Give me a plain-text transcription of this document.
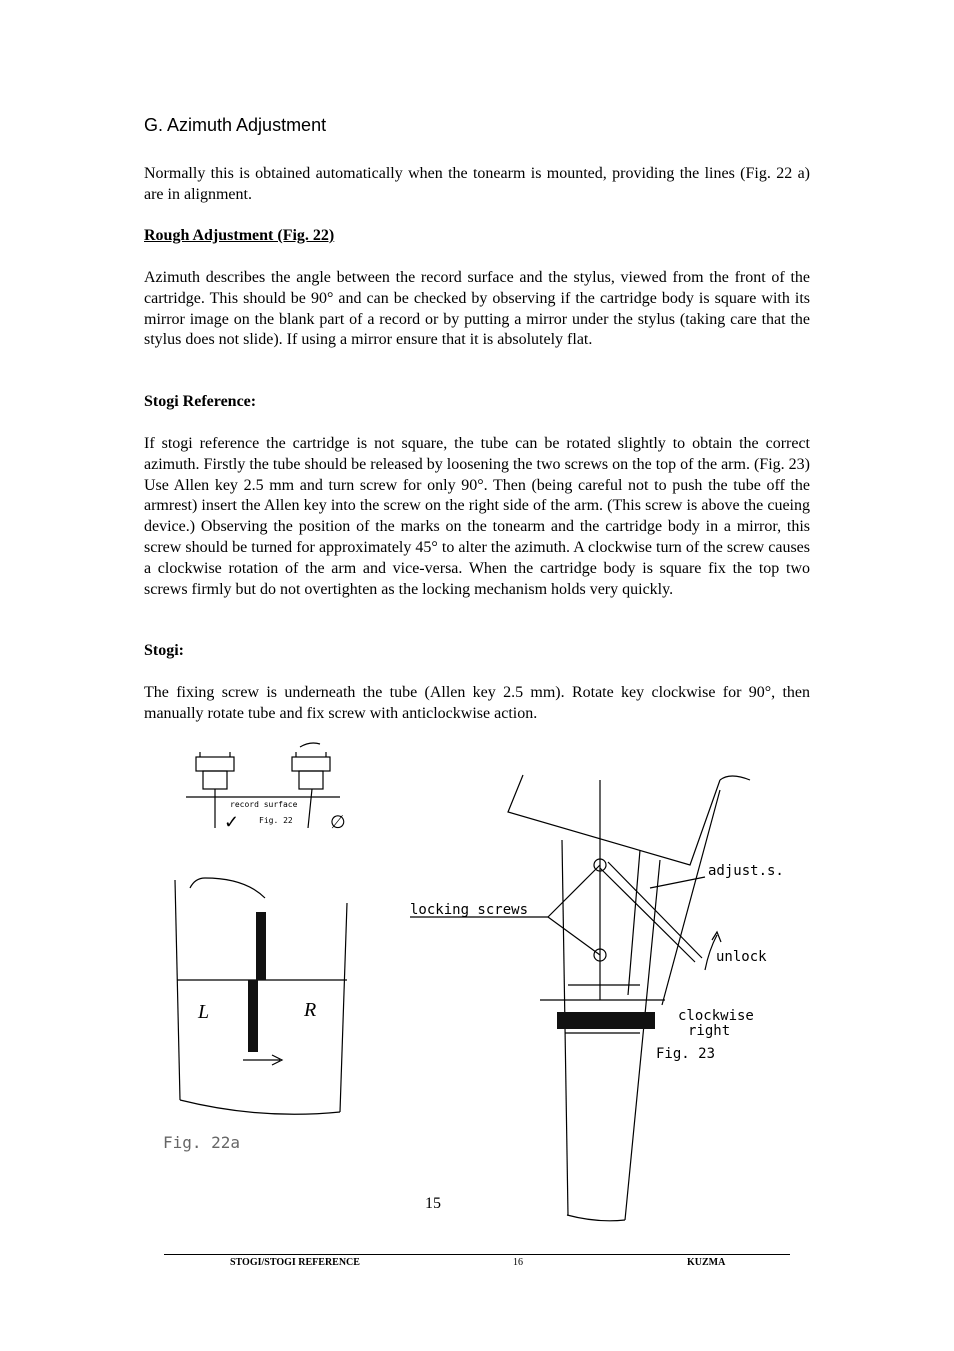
G. Azimuth Adjustment

Normally this is obtained automatically when the tonearm is mounted, providing the lines (Fig. 22 a) are in alignment.

Rough Adjustment (Fig. 22)

Azimuth describes the angle between the record surface and the stylus, viewed from the front of the cartridge. This should be 90° and can be checked by observing if the cartridge body is square with its mirror image on the blank part of a record or by putting a mirror under the stylus (taking care that the stylus does not slide). If using a mirror ensure that it is absolutely flat.

Stogi Reference:

If stogi reference the cartridge is not square, the tube can be rotated slightly to obtain the correct azimuth. Firstly the tube should be released by loosening the two screws on the top of the arm. (Fig. 23) Use Allen key 2.5 mm and turn screw for only 90°. Then (being careful not to push the tube off the armrest) insert the Allen key into the screw on the right side of the arm. (This screw is above the cueing device.) Observing the position of the marks on the tonearm and the cartridge body in a mirror, this screw should be turned for approximately 45° to alter the azimuth. A clockwise turn of the screw causes a clockwise rotation of the arm and vice-versa. When the cartridge body is square fix the top two screws firmly but do not overtighten as the locking mechanism holds very quickly.

Stogi:

The fixing screw is underneath the tube (Allen key 2.5 mm). Rotate key clockwise for 90°, then manually rotate tube and fix screw with anticlockwise action.

record surface
Fig. 22
✓	∅
L	R
Fig. 22a
locking screws
adjust.s.
unlock
clockwise
right
Fig. 23
15
STOGI/STOGI REFERENCE	16	KUZMA
